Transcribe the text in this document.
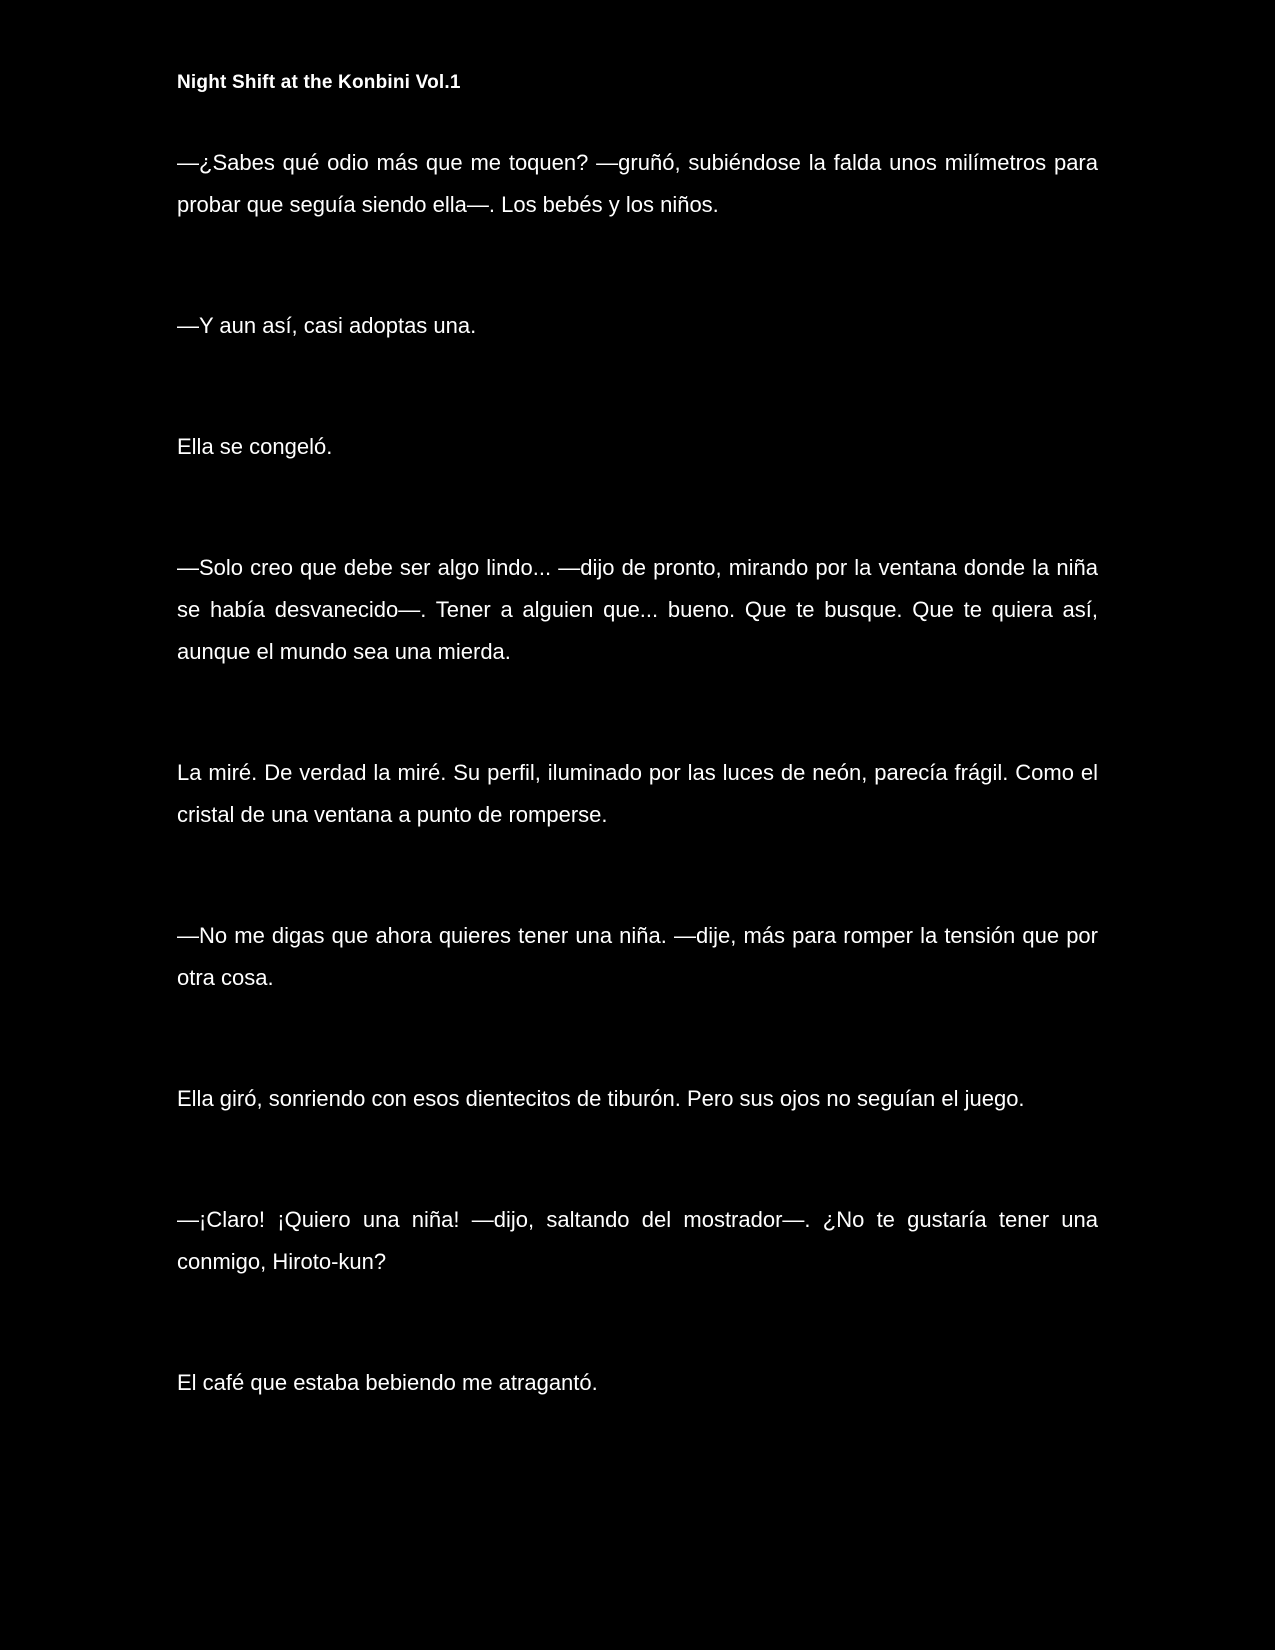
Night Shift at the Konbini Vol.1

—¿Sabes qué odio más que me toquen? —gruñó, subiéndose la falda unos milímetros para probar que seguía siendo ella—. Los bebés y los niños.

—Y aun así, casi adoptas una.

Ella se congeló.

—Solo creo que debe ser algo lindo... —dijo de pronto, mirando por la ventana donde la niña se había desvanecido—. Tener a alguien que... bueno. Que te busque. Que te quiera así, aunque el mundo sea una mierda.

La miré. De verdad la miré. Su perfil, iluminado por las luces de neón, parecía frágil. Como el cristal de una ventana a punto de romperse.

—No me digas que ahora quieres tener una niña. —dije, más para romper la tensión que por otra cosa.

Ella giró, sonriendo con esos dientecitos de tiburón. Pero sus ojos no seguían el juego.

—¡Claro! ¡Quiero una niña! —dijo, saltando del mostrador—. ¿No te gustaría tener una conmigo, Hiroto-kun?

El café que estaba bebiendo me atragantó.
